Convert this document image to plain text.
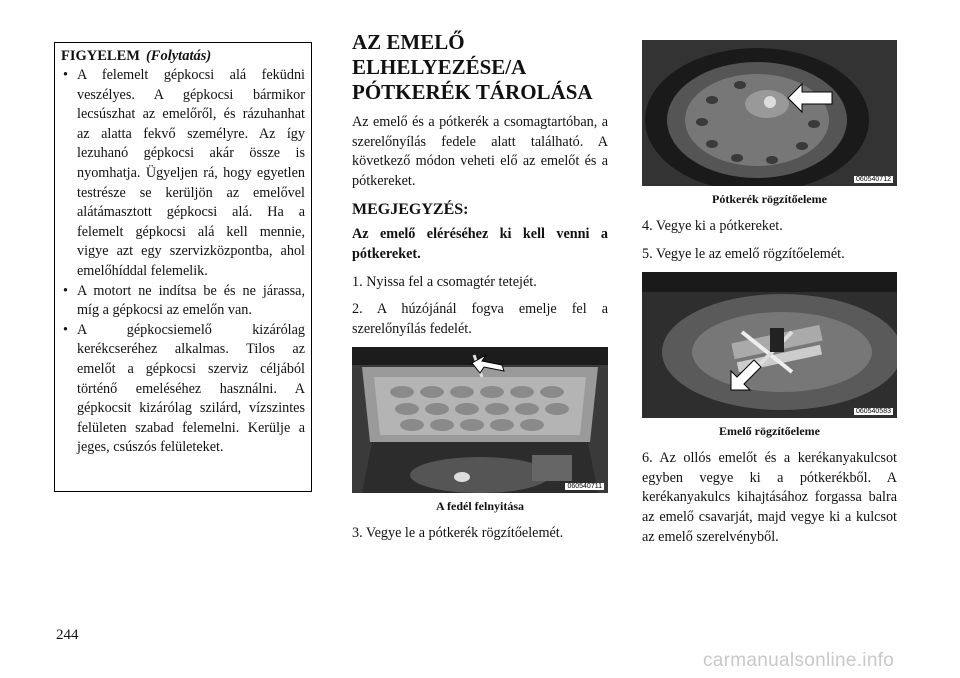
FIGYELEM (Folytatás)
• A felemelt gépkocsi alá feküdni veszélyes. A gépkocsi bármikor lecsúszhat az emelőről, és rázuhanhat az alatta fekvő személyre. Az így lezuhanó gépkocsi akár össze is nyomhatja. Ügyeljen rá, hogy egyetlen testrésze se kerüljön az emelővel alátámasztott gépkocsi alá. Ha a felemelt gépkocsi alá kell mennie, vigye azt egy szervizközpontba, ahol emelőhíddal felemelik.
• A motort ne indítsa be és ne járassa, míg a gépkocsi az emelőn van.
• A gépkocsiemelő kizárólag kerékcseréhez alkalmas. Tilos az emelőt a gépkocsi szerviz céljából történő emeléséhez használni. A gépkocsit kizárólag szilárd, vízszintes felületen szabad felemelni. Kerülje a jeges, csúszós felületeket.
AZ EMELŐ ELHELYEZÉSE/A PÓTKERÉK TÁROLÁSA

Az emelő és a pótkerék a csomagtartóban, a szerelőnyílás fedele alatt található. A következő módon veheti elő az emelőt és a pótkereket.

MEGJEGYZÉS:

Az emelő eléréséhez ki kell venni a pótkereket.

1. Nyissa fel a csomagtér tetejét.

2. A húzójánál fogva emelje fel a szerelőnyílás fedelét.

060540711
A fedél felnyitása

3. Vegye le a pótkerék rögzítőelemét.

060540712
Pótkerék rögzítőeleme

4. Vegye ki a pótkereket.

5. Vegye le az emelő rögzítőelemét.

060540583
Emelő rögzítőeleme

6. Az ollós emelőt és a kerékanyakulcsot egyben vegye ki a pótkerékből. A kerékanyakulcs kihajtásához forgassa balra az emelő csavarját, majd vegye ki a kulcsot az emelő szerelvényből.

244
carmanualsonline.info
